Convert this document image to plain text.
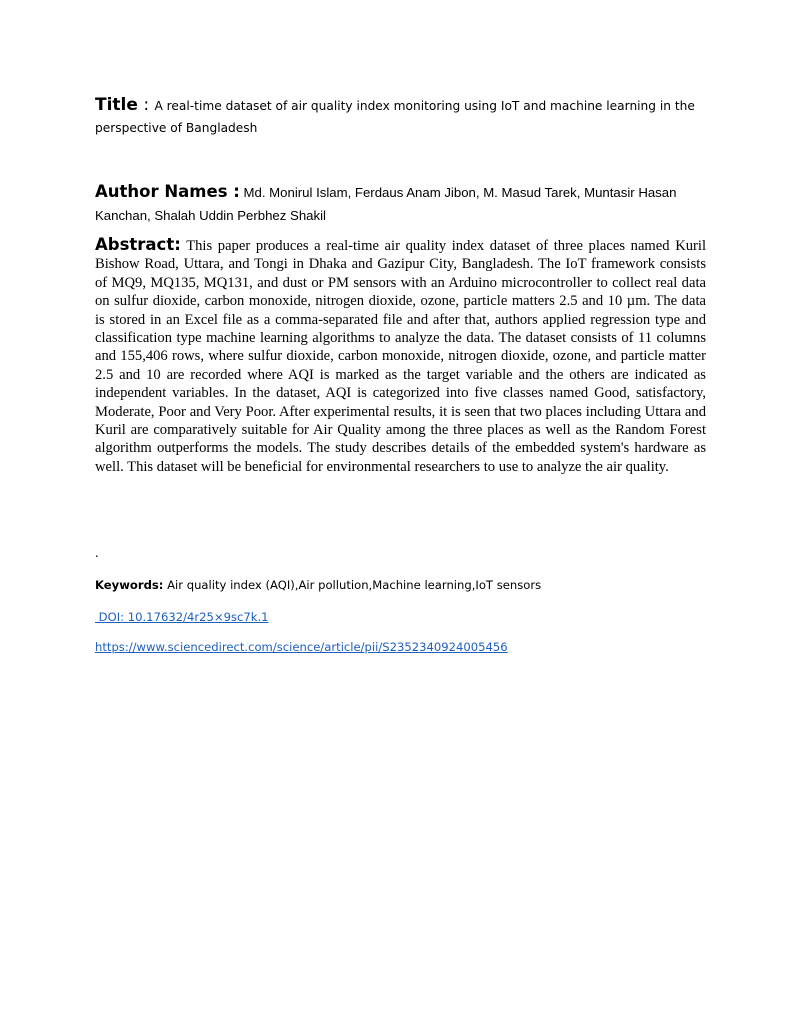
Title : A real-time dataset of air quality index monitoring using IoT and machine learning in the perspective of Bangladesh
Author Names : Md. Monirul Islam, Ferdaus Anam Jibon, M. Masud Tarek, Muntasir Hasan Kanchan, Shalah Uddin Perbhez Shakil
Abstract: This paper produces a real-time air quality index dataset of three places named Kuril Bishow Road, Uttara, and Tongi in Dhaka and Gazipur City, Bangladesh. The IoT framework consists of MQ9, MQ135, MQ131, and dust or PM sensors with an Arduino microcontroller to collect real data on sulfur dioxide, carbon monoxide, nitrogen dioxide, ozone, particle matters 2.5 and 10 µm. The data is stored in an Excel file as a comma-separated file and after that, authors applied regression type and classification type machine learning algorithms to analyze the data. The dataset consists of 11 columns and 155,406 rows, where sulfur dioxide, carbon monoxide, nitrogen dioxide, ozone, and particle matter 2.5 and 10 are recorded where AQI is marked as the target variable and the others are indicated as independent variables. In the dataset, AQI is categorized into five classes named Good, satisfactory, Moderate, Poor and Very Poor. After experimental results, it is seen that two places including Uttara and Kuril are comparatively suitable for Air Quality among the three places as well as the Random Forest algorithm outperforms the models. The study describes details of the embedded system's hardware as well. This dataset will be beneficial for environmental researchers to use to analyze the air quality.
.
Keywords: Air quality index (AQI),Air pollution,Machine learning,IoT sensors
DOI: 10.17632/4r25×9sc7k.1
https://www.sciencedirect.com/science/article/pii/S2352340924005456
